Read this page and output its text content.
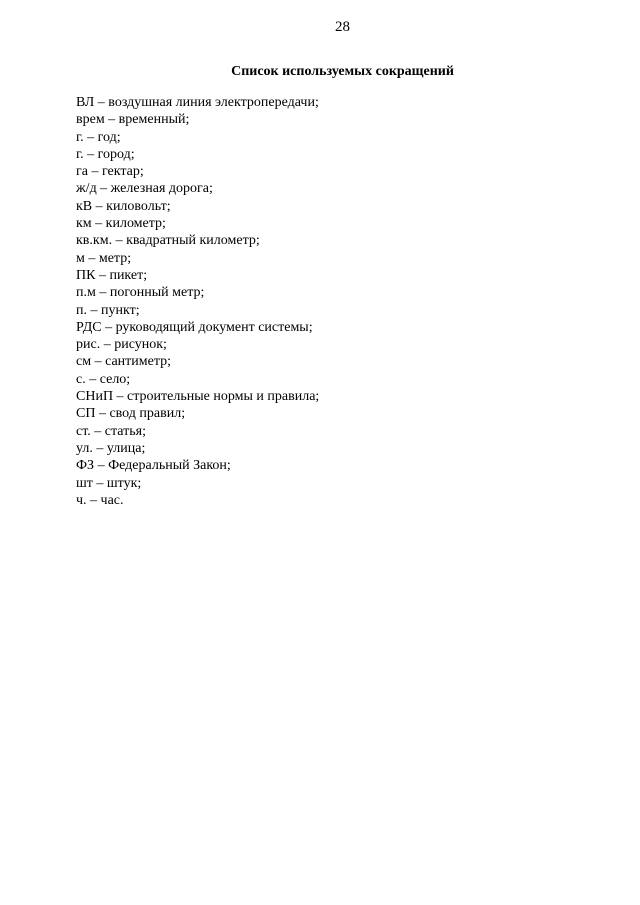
28
Список используемых сокращений
ВЛ – воздушная линия электропередачи;
врем – временный;
г. – год;
г. – город;
га – гектар;
ж/д – железная дорога;
кВ – киловольт;
км – километр;
кв.км. – квадратный километр;
м – метр;
ПК – пикет;
п.м – погонный метр;
п. – пункт;
РДС – руководящий документ системы;
рис. – рисунок;
см – сантиметр;
с. – село;
СНиП – строительные нормы и правила;
СП – свод правил;
ст. – статья;
ул. – улица;
ФЗ – Федеральный Закон;
шт – штук;
ч. – час.
